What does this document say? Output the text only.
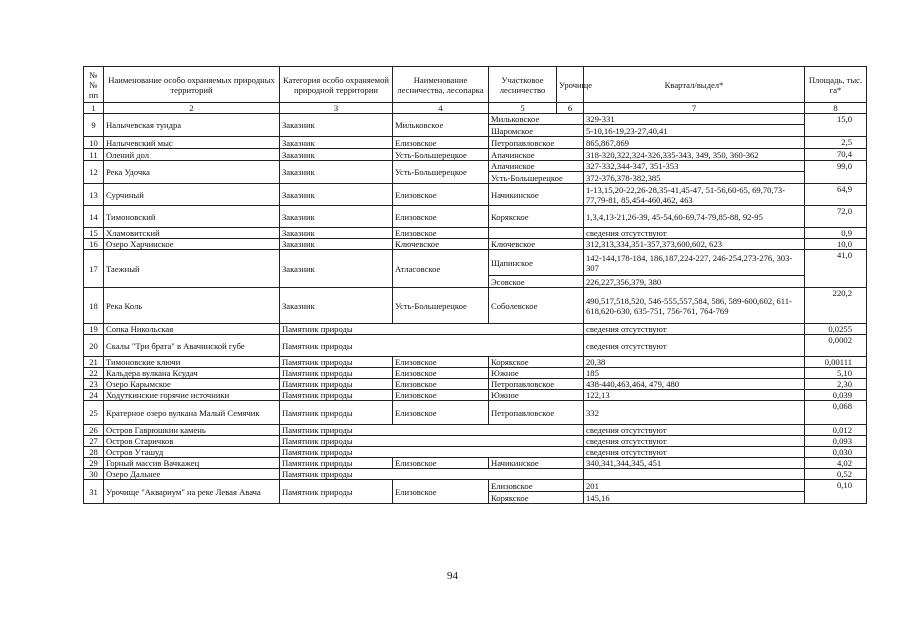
№ № пп	Наименование особо охраняемых природных территорий	Категория особо охраняемой природной территории	Наименование лесничества, лесопарка	Участковое лесничество	Урочище	Квартал/выдел*	Площадь, тыс. га*
1	2	3	4	5	6	7	8
9	Налычевская тундра	Заказник	Мильковское	Мильковское		329-331	15,0
				Шаромское		5-10,16-19,23-27,40,41	
10	Налычевский мыс	Заказник	Елизовское	Петропавловское		865,867,869	2,5
11	Олений дол	Заказник	Усть-Большерецкое	Апачинское		318-320,322,324-326,335-343, 349, 350, 360-362	70,4
12	Река Удочка	Заказник	Усть-Большерецкое	Апачинское		327-332,344-347, 351-353	99,0
				Усть-Большерецкое		372-376,378-382,385	
13	Сурчиный	Заказник	Елизовское	Начикинское		1-13,15,20-22,26-28,35-41,45-47, 51-56,60-65, 69,70,73-77,79-81, 85,454-460,462, 463	64,9
14	Тимоновский	Заказник	Елизовское	Корякское		1,3,4,13-21,26-39, 45-54,60-69,74-79,85-88, 92-95	72,0
15	Хламовитский	Заказник	Елизовское			сведения отсутствуют	0,9
16	Озеро Харчинское	Заказник	Ключевское	Ключевское		312,313,334,351-357,373,600,602, 623	10,0
17	Таежный	Заказник	Атласовское	Щапинское		142-144,178-184, 186,187,224-227, 246-254,273-276, 303-307	41,0
				Эсовское		226,227,356,379, 380	
18	Река Коль	Заказник	Усть-Большерецкое	Соболевское		490,517,518,520, 546-555,557,584, 586, 589-600,602, 611-618,620-630, 635-751, 756-761, 764-769	220,2
19	Сопка Никольская	Памятник природы				сведения отсутствуют	0,0255
20	Скалы "Три брата" в Авачинской губе	Памятник природы				сведения отсутствуют	0,0002
21	Тимоновские ключи	Памятник природы	Елизовское	Корякское		20,38	0,00111
22	Кальдера вулкана Ксудач	Памятник природы	Елизовское	Южное		185	5,10
23	Озеро Карымское	Памятник природы	Елизовское	Петропавловское		438-440,463,464, 479, 480	2,30
24	Ходуткинские горячие источники	Памятник природы	Елизовское	Южное		122,13	0,039
25	Кратерное озеро вулкана Малый Семячик	Памятник природы	Елизовское	Петропавловское		332	0,068
26	Остров Гаврюшкин камень	Памятник природы				сведения отсутствуют	0,012
27	Остров Старичков	Памятник природы				сведения отсутствуют	0,093
28	Остров Уташуд	Памятник природы				сведения отсутствуют	0,030
29	Горный массив Вачкажец	Памятник природы	Елизовское	Начикинское		340,341,344,345, 451	4,02
30	Озеро Дальнее	Памятник природы					0,52
31	Урочище "Аквариум" на реке Левая Авача	Памятник природы	Елизовское	Елизовское		201	0,10
				Корякское		145,16	
94
